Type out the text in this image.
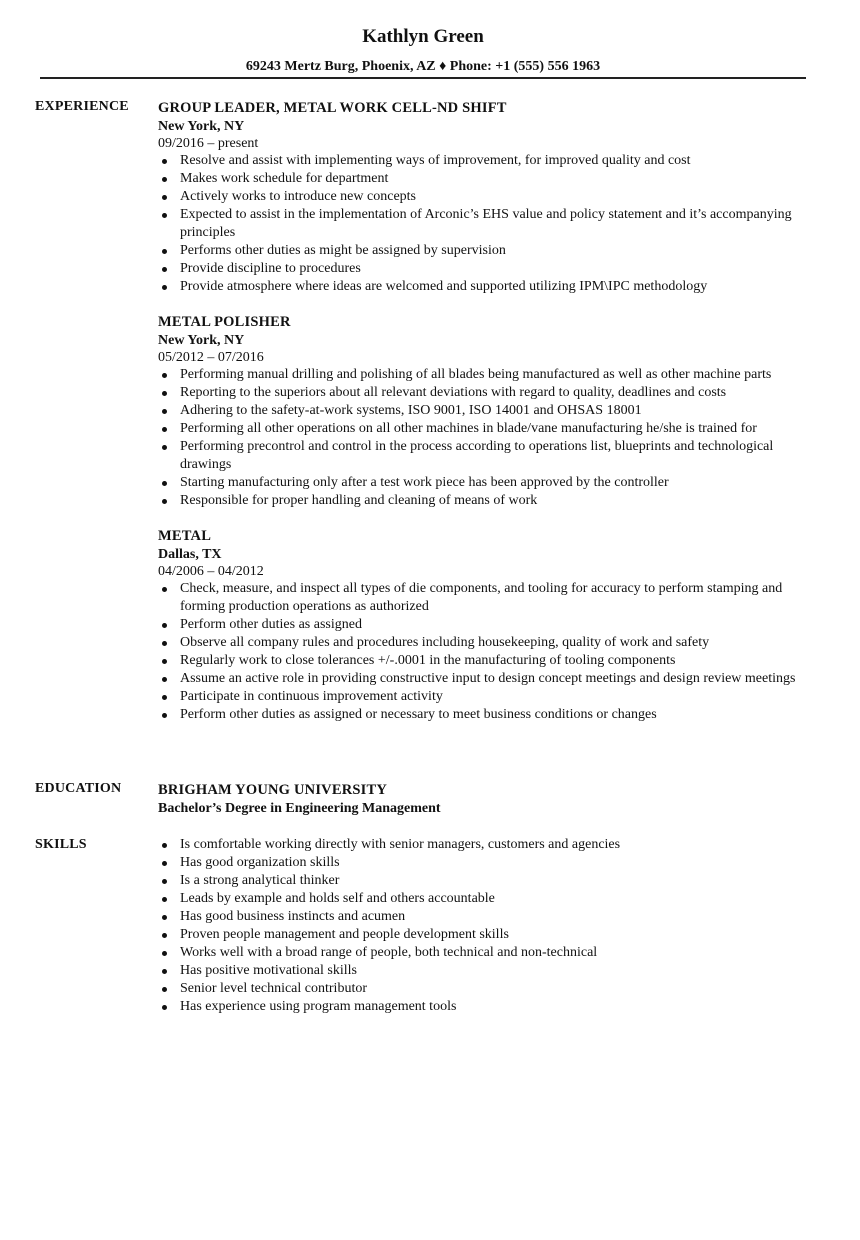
Kathlyn Green
69243 Mertz Burg, Phoenix, AZ ♦ Phone: +1 (555) 556 1963
EXPERIENCE GROUP LEADER, METAL WORK CELL-ND SHIFT
New York, NY
09/2016 – present
Resolve and assist with implementing ways of improvement, for improved quality and cost
Makes work schedule for department
Actively works to introduce new concepts
Expected to assist in the implementation of Arconic’s EHS value and policy statement and it’s accompanying principles
Performs other duties as might be assigned by supervision
Provide discipline to procedures
Provide atmosphere where ideas are welcomed and supported utilizing IPM\IPC methodology
METAL POLISHER
New York, NY
05/2012 – 07/2016
Performing manual drilling and polishing of all blades being manufactured as well as other machine parts
Reporting to the superiors about all relevant deviations with regard to quality, deadlines and costs
Adhering to the safety-at-work systems, ISO 9001, ISO 14001 and OHSAS 18001
Performing all other operations on all other machines in blade/vane manufacturing he/she is trained for
Performing precontrol and control in the process according to operations list, blueprints and technological drawings
Starting manufacturing only after a test work piece has been approved by the controller
Responsible for proper handling and cleaning of means of work
METAL
Dallas, TX
04/2006 – 04/2012
Check, measure, and inspect all types of die components, and tooling for accuracy to perform stamping and forming production operations as authorized
Perform other duties as assigned
Observe all company rules and procedures including housekeeping, quality of work and safety
Regularly work to close tolerances +/-.0001 in the manufacturing of tooling components
Assume an active role in providing constructive input to design concept meetings and design review meetings
Participate in continuous improvement activity
Perform other duties as assigned or necessary to meet business conditions or changes
EDUCATION	BRIGHAM YOUNG UNIVERSITY
Bachelor’s Degree in Engineering Management
SKILLS	Is comfortable working directly with senior managers, customers and agencies
Has good organization skills
Is a strong analytical thinker
Leads by example and holds self and others accountable
Has good business instincts and acumen
Proven people management and people development skills
Works well with a broad range of people, both technical and non-technical
Has positive motivational skills
Senior level technical contributor
Has experience using program management tools
